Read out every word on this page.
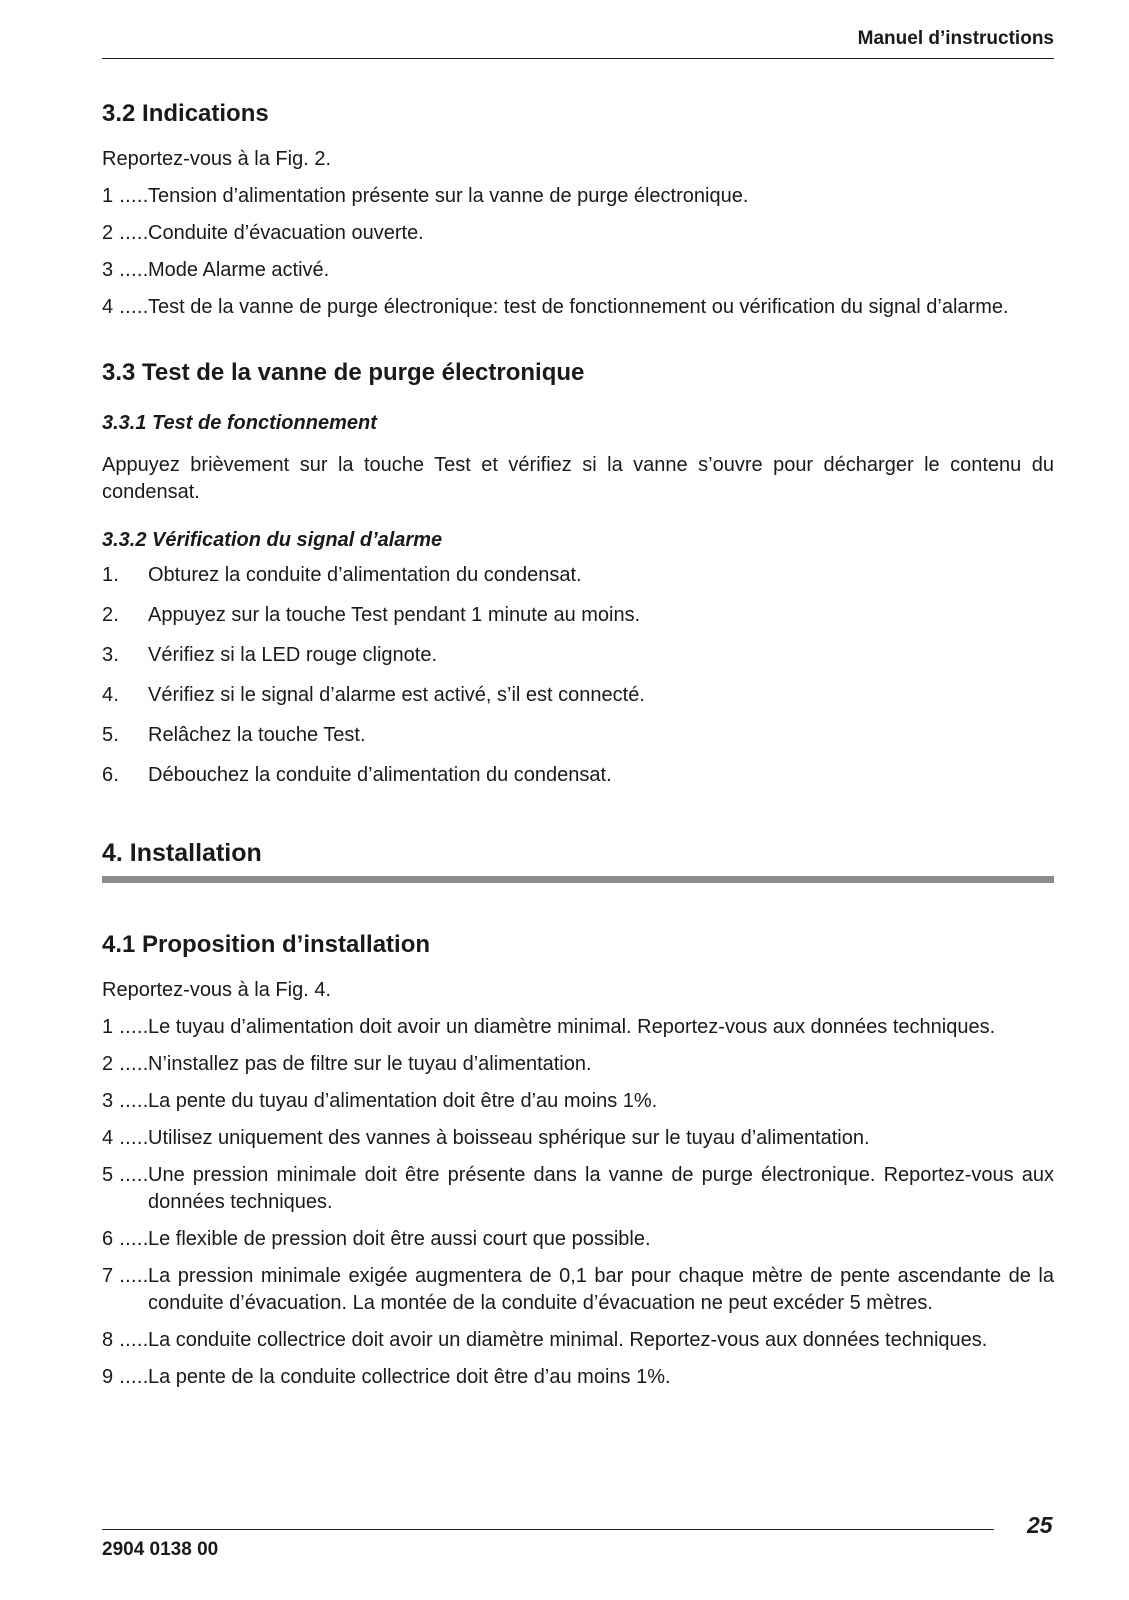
Manuel d’instructions
3.2 Indications
Reportez-vous à la Fig. 2.
1 ..... Tension d’alimentation présente sur la vanne de purge électronique.
2 ..... Conduite d’évacuation ouverte.
3 ..... Mode Alarme activé.
4 ..... Test de la vanne de purge électronique: test de fonctionnement ou vérification du signal d’alarme.
3.3 Test de la vanne de purge électronique
3.3.1 Test de fonctionnement
Appuyez brièvement sur la touche Test et vérifiez si la vanne s’ouvre pour décharger le contenu du condensat.
3.3.2 Vérification du signal d’alarme
1. Obturez la conduite d’alimentation du condensat.
2. Appuyez sur la touche Test pendant 1 minute au moins.
3. Vérifiez si la LED rouge clignote.
4. Vérifiez si le signal d’alarme est activé, s’il est connecté.
5. Relâchez la touche Test.
6. Débouchez la conduite d’alimentation du condensat.
4. Installation
4.1 Proposition d’installation
Reportez-vous à la Fig. 4.
1 ..... Le tuyau d’alimentation doit avoir un diamètre minimal. Reportez-vous aux données techniques.
2 ..... N’installez pas de filtre sur le tuyau d’alimentation.
3 ..... La pente du tuyau d’alimentation doit être d’au moins 1%.
4 ..... Utilisez uniquement des vannes à boisseau sphérique sur le tuyau d’alimentation.
5 ..... Une pression minimale doit être présente dans la vanne de purge électronique. Reportez-vous aux données techniques.
6 ..... Le flexible de pression doit être aussi court que possible.
7 ..... La pression minimale exigée augmentera de 0,1 bar pour chaque mètre de pente ascendante de la conduite d’évacuation. La montée de la conduite d’évacuation ne peut excéder 5 mètres.
8 ..... La conduite collectrice doit avoir un diamètre minimal. Reportez-vous aux données techniques.
9 ..... La pente de la conduite collectrice doit être d’au moins 1%.
2904 0138 00
25
